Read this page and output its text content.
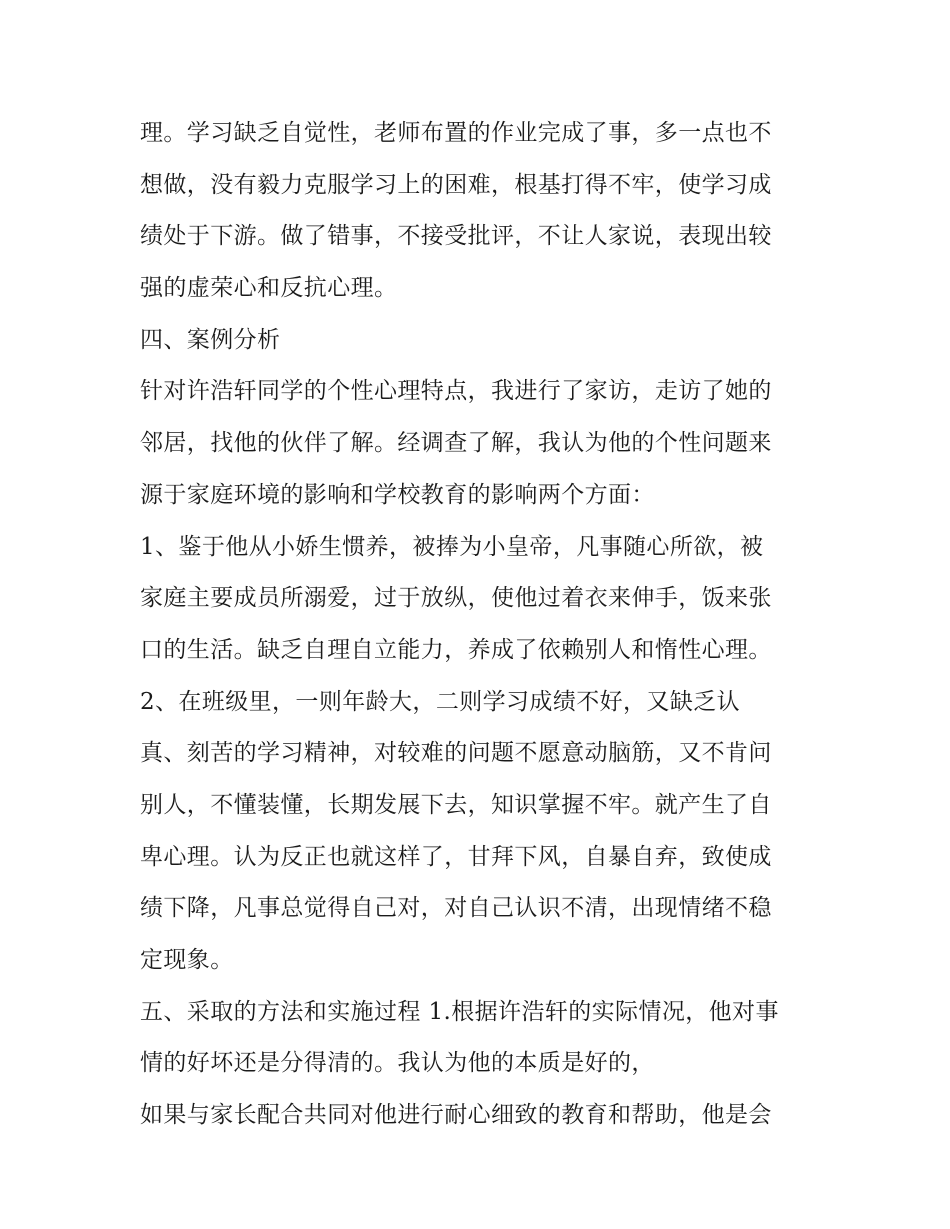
理。学习缺乏自觉性，老师布置的作业完成了事，多一点也不
想做，没有毅力克服学习上的困难，根基打得不牢，使学习成
绩处于下游。做了错事，不接受批评，不让人家说，表现出较
强的虚荣心和反抗心理。
四、案例分析
针对许浩轩同学的个性心理特点，我进行了家访，走访了她的
邻居，找他的伙伴了解。经调查了解，我认为他的个性问题来
源于家庭环境的影响和学校教育的影响两个方面：
1、鉴于他从小娇生惯养，被捧为小皇帝，凡事随心所欲，被
家庭主要成员所溺爱，过于放纵，使他过着衣来伸手，饭来张
口的生活。缺乏自理自立能力，养成了依赖别人和惰性心理。
2、在班级里，一则年龄大，二则学习成绩不好，又缺乏认
真、刻苦的学习精神，对较难的问题不愿意动脑筋，又不肯问
别人，不懂装懂，长期发展下去，知识掌握不牢。就产生了自
卑心理。认为反正也就这样了，甘拜下风，自暴自弃，致使成
绩下降，凡事总觉得自己对，对自己认识不清，出现情绪不稳
定现象。
五、采取的方法和实施过程 1.根据许浩轩的实际情况，他对事
情的好坏还是分得清的。我认为他的本质是好的，
如果与家长配合共同对他进行耐心细致的教育和帮助，他是会
